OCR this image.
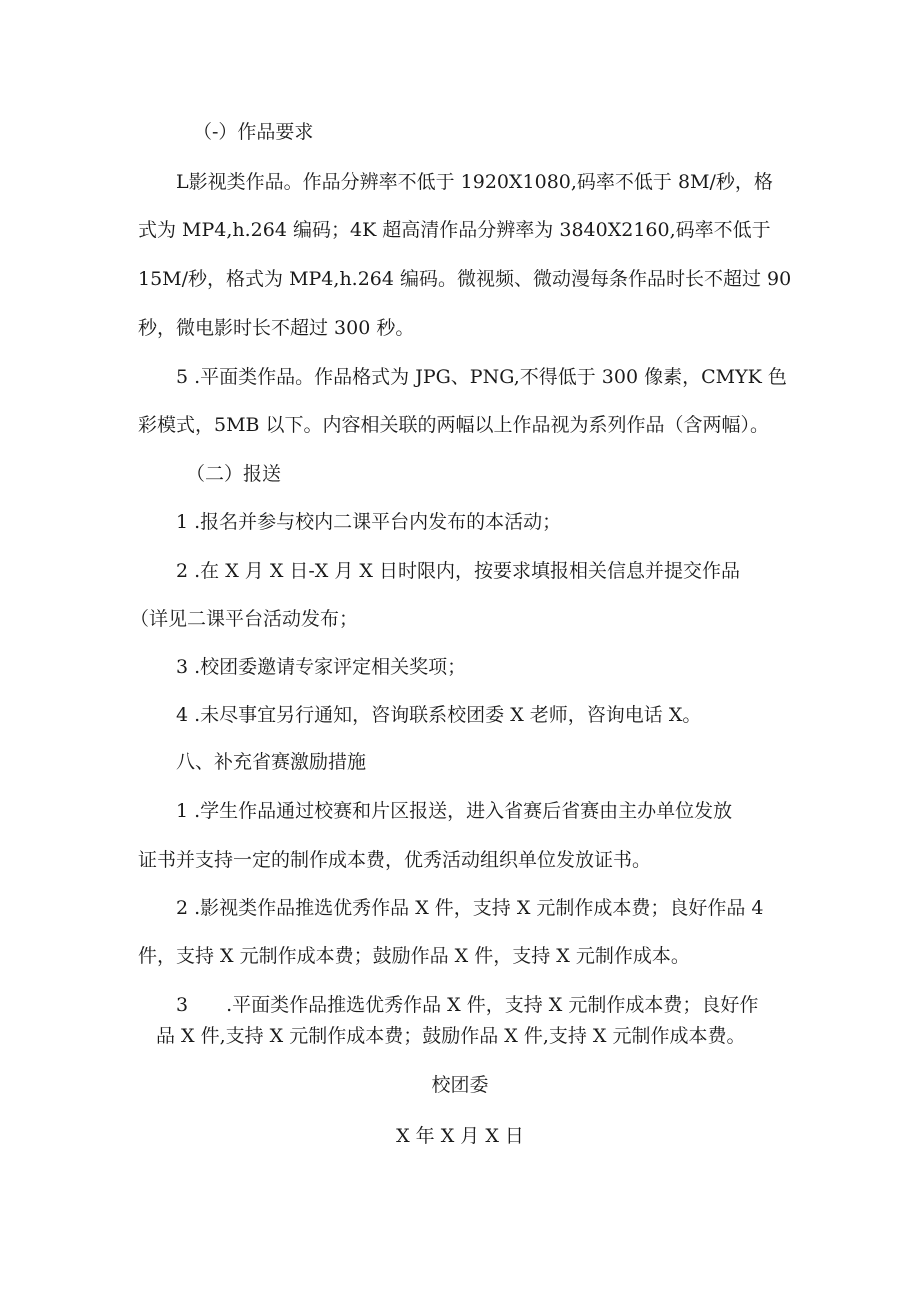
（-）作品要求
L影视类作品。作品分辨率不低于 1920X1080,码率不低于 8M/秒，格
式为 MP4,h.264 编码；4K 超高清作品分辨率为 3840X2160,码率不低于
15M/秒，格式为 MP4,h.264 编码。微视频、微动漫每条作品时长不超过 90
秒，微电影时长不超过 300 秒。
5 .平面类作品。作品格式为 JPG、PNG,不得低于 300 像素，CMYK 色
彩模式，5MB 以下。内容相关联的两幅以上作品视为系列作品（含两幅）。
（二）报送
1 .报名并参与校内二课平台内发布的本活动；
2 .在 X 月 X 日-X 月 X 日时限内，按要求填报相关信息并提交作品
（详见二课平台活动发布；
3 .校团委邀请专家评定相关奖项；
4 .未尽事宜另行通知，咨询联系校团委 X 老师，咨询电话 X。
八、补充省赛激励措施
1 .学生作品通过校赛和片区报送，进入省赛后省赛由主办单位发放
证书并支持一定的制作成本费，优秀活动组织单位发放证书。
2 .影视类作品推选优秀作品 X 件，支持 X 元制作成本费；良好作品 4
件，支持 X 元制作成本费；鼓励作品 X 件，支持 X 元制作成本。
3　　.平面类作品推选优秀作品 X 件，支持 X 元制作成本费；良好作
品 X 件,支持 X 元制作成本费；鼓励作品 X 件,支持 X 元制作成本费。
校团委
X 年 X 月 X 日
